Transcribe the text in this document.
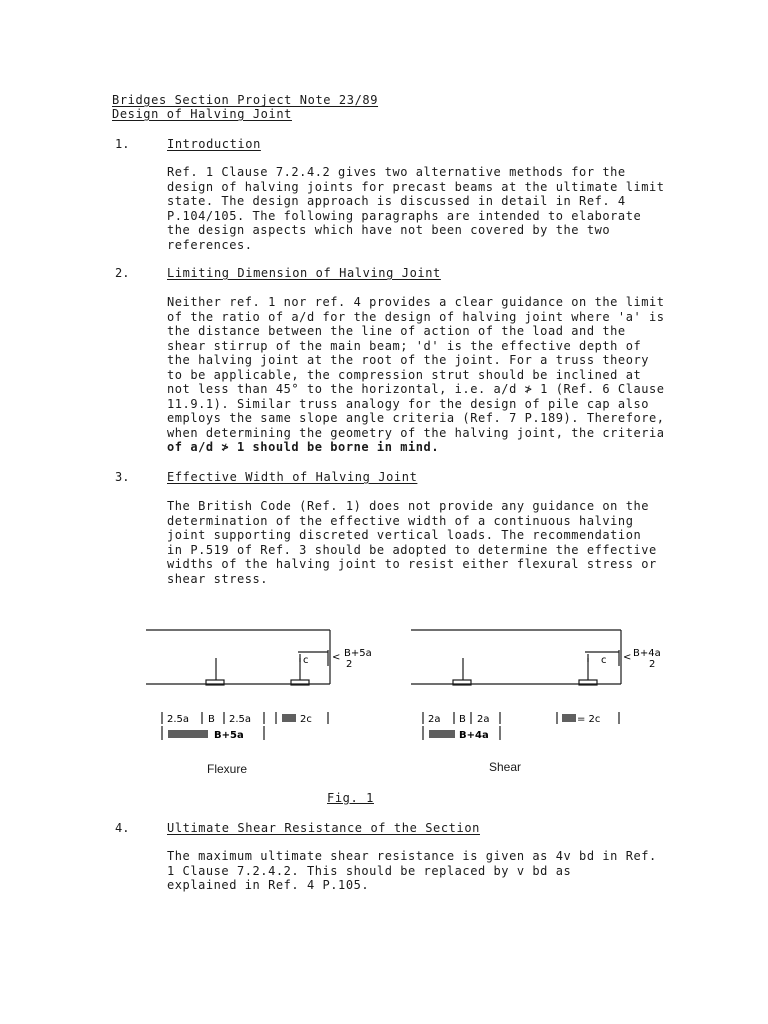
Bridges Section Project Note 23/89
Design of Halving Joint
1.	Introduction
Ref. 1 Clause 7.2.4.2 gives two alternative methods for the
design of halving joints for precast beams at the ultimate limit
state. The design approach is discussed in detail in Ref. 4
P.104/105. The following paragraphs are intended to elaborate
the design aspects which have not been covered by the two
references.
2.	Limiting Dimension of Halving Joint
Neither ref. 1 nor ref. 4 provides a clear guidance on the limit
of the ratio of a/d for the design of halving joint where 'a' is
the distance between the line of action of the load and the
shear stirrup of the main beam; 'd' is the effective depth of
the halving joint at the root of the joint. For a truss theory
to be applicable, the compression strut should be inclined at
not less than 45° to the horizontal, i.e. a/d ≯ 1 (Ref. 6 Clause
11.9.1). Similar truss analogy for the design of pile cap also
employs the same slope angle criteria (Ref. 7 P.189). Therefore,
when determining the geometry of the halving joint, the criteria
of a/d ≯ 1 should be borne in mind.
3.	Effective Width of Halving Joint
The British Code (Ref. 1) does not provide any guidance on the
determination of the effective width of a continuous halving
joint supporting discreted vertical loads. The recommendation
in P.519 of Ref. 3 should be adopted to determine the effective
widths of the halving joint to resist either flexural stress or
shear stress.
c < B+5a
2
2.5a B 2.5a	2c
B+5a
Flexure
c < B+4a
2
2a B 2a	= 2c
B+4a
Shear
Fig. 1
4.	Ultimate Shear Resistance of the Section
The maximum ultimate shear resistance is given as 4v bd in Ref.
1 Clause 7.2.4.2. This should be replaced by v bd as
explained in Ref. 4 P.105.
